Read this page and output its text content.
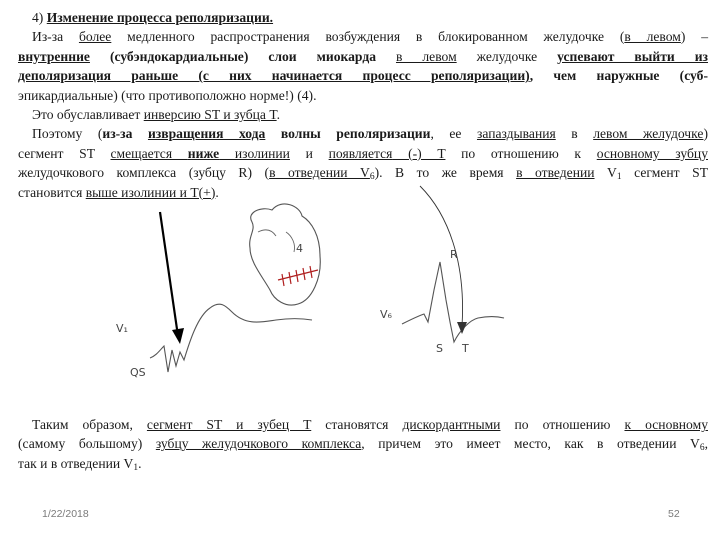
4) Изменение процесса реполяризации.
Из-за более медленного распространения возбуждения в блокированном желудочке (в левом) –
внутренние (субэндокардиальные) слои миокарда в левом желудочке успевают выйти из
деполяризация раньше (с них начинается процесс реполяризации), чем наружные (суб-
эпикардиальные) (что противоположно норме!) (4).
Это обуславливает инверсию ST и зубца T.
Поэтому (из-за извращения хода волны реполяризации, ее запаздывания в левом желудочке)
сегмент ST смещается ниже изолинии и появляется (-) T по отношению к основному зубцу
желудочкового комплекса (зубцу R) (в отведении $V_6$). В то же время в отведении $V_1$ сегмент ST
становится выше изолинии и T(+).
4
V₁
QS
V₆
R
S T
Таким образом, сегмент ST и зубец T становятся дискордантными по отношению к основному
(самому большому) зубцу желудочкового комплекса, причем это имеет место, как в отведении $V_6$,
так и в отведении $V_1$.
1/22/2018	52
